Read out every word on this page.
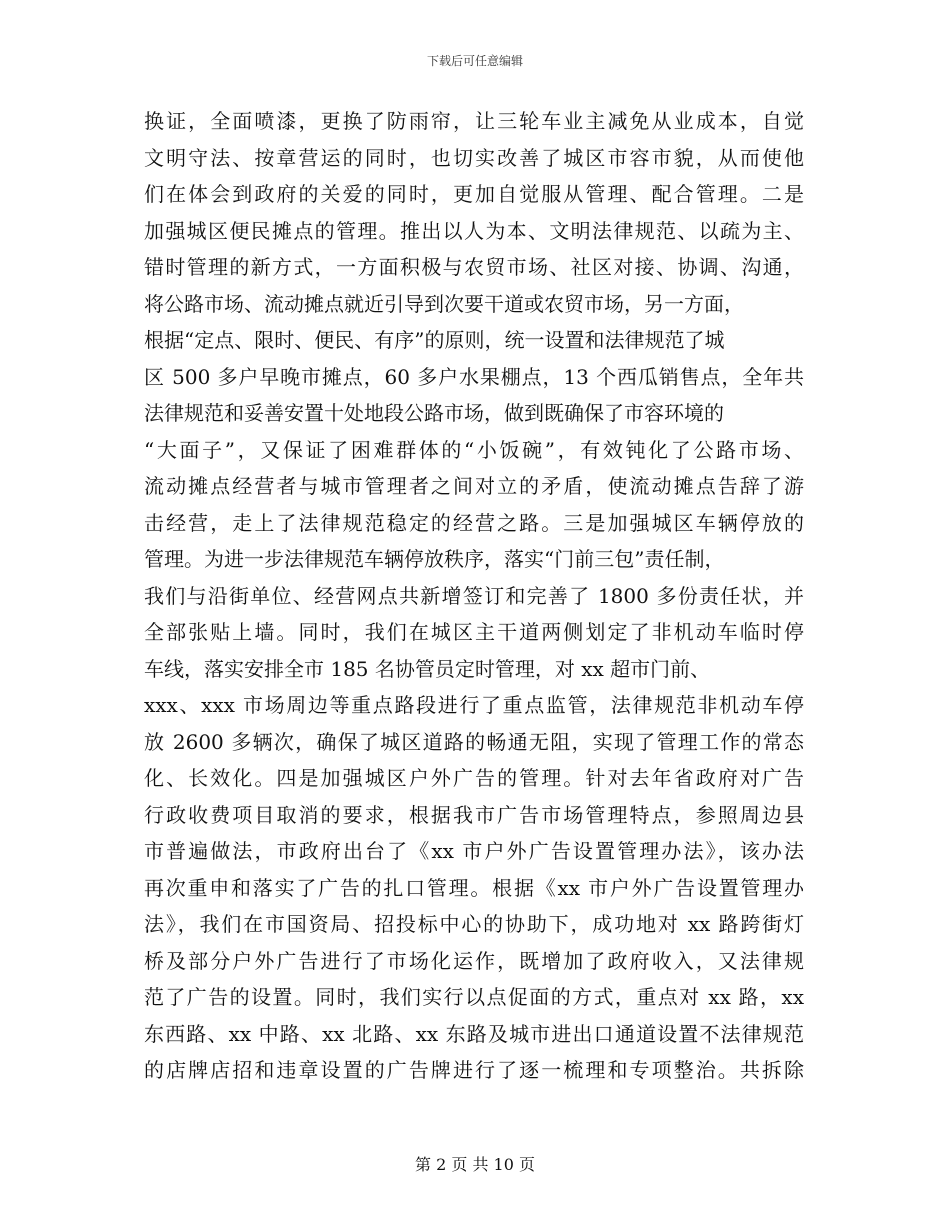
下载后可任意编辑
换证，全面喷漆，更换了防雨帘，让三轮车业主减免从业成本，自觉
文明守法、按章营运的同时，也切实改善了城区市容市貌，从而使他
们在体会到政府的关爱的同时，更加自觉服从管理、配合管理。二是
加强城区便民摊点的管理。推出以人为本、文明法律规范、以疏为主、
错时管理的新方式，一方面积极与农贸市场、社区对接、协调、沟通，
将公路市场、流动摊点就近引导到次要干道或农贸市场，另一方面，
根据“定点、限时、便民、有序”的原则，统一设置和法律规范了城
区 500 多户早晚市摊点，60 多户水果棚点，13 个西瓜销售点，全年共
法律规范和妥善安置十处地段公路市场，做到既确保了市容环境的
“大面子”，又保证了困难群体的“小饭碗”，有效钝化了公路市场、
流动摊点经营者与城市管理者之间对立的矛盾，使流动摊点告辞了游
击经营，走上了法律规范稳定的经营之路。三是加强城区车辆停放的
管理。为进一步法律规范车辆停放秩序，落实“门前三包”责任制，
我们与沿街单位、经营网点共新增签订和完善了 1800 多份责任状，并
全部张贴上墙。同时，我们在城区主干道两侧划定了非机动车临时停
车线，落实安排全市 185 名协管员定时管理，对 xx 超市门前、
xxx、xxx 市场周边等重点路段进行了重点监管，法律规范非机动车停
放 2600 多辆次，确保了城区道路的畅通无阻，实现了管理工作的常态
化、长效化。四是加强城区户外广告的管理。针对去年省政府对广告
行政收费项目取消的要求，根据我市广告市场管理特点，参照周边县
市普遍做法，市政府出台了《xx 市户外广告设置管理办法》，该办法
再次重申和落实了广告的扎口管理。根据《xx 市户外广告设置管理办
法》，我们在市国资局、招投标中心的协助下，成功地对 xx 路跨街灯
桥及部分户外广告进行了市场化运作，既增加了政府收入，又法律规
范了广告的设置。同时，我们实行以点促面的方式，重点对 xx 路，xx
东西路、xx 中路、xx 北路、xx 东路及城市进出口通道设置不法律规范
的店牌店招和违章设置的广告牌进行了逐一梳理和专项整治。共拆除
第 2 页 共 10 页
